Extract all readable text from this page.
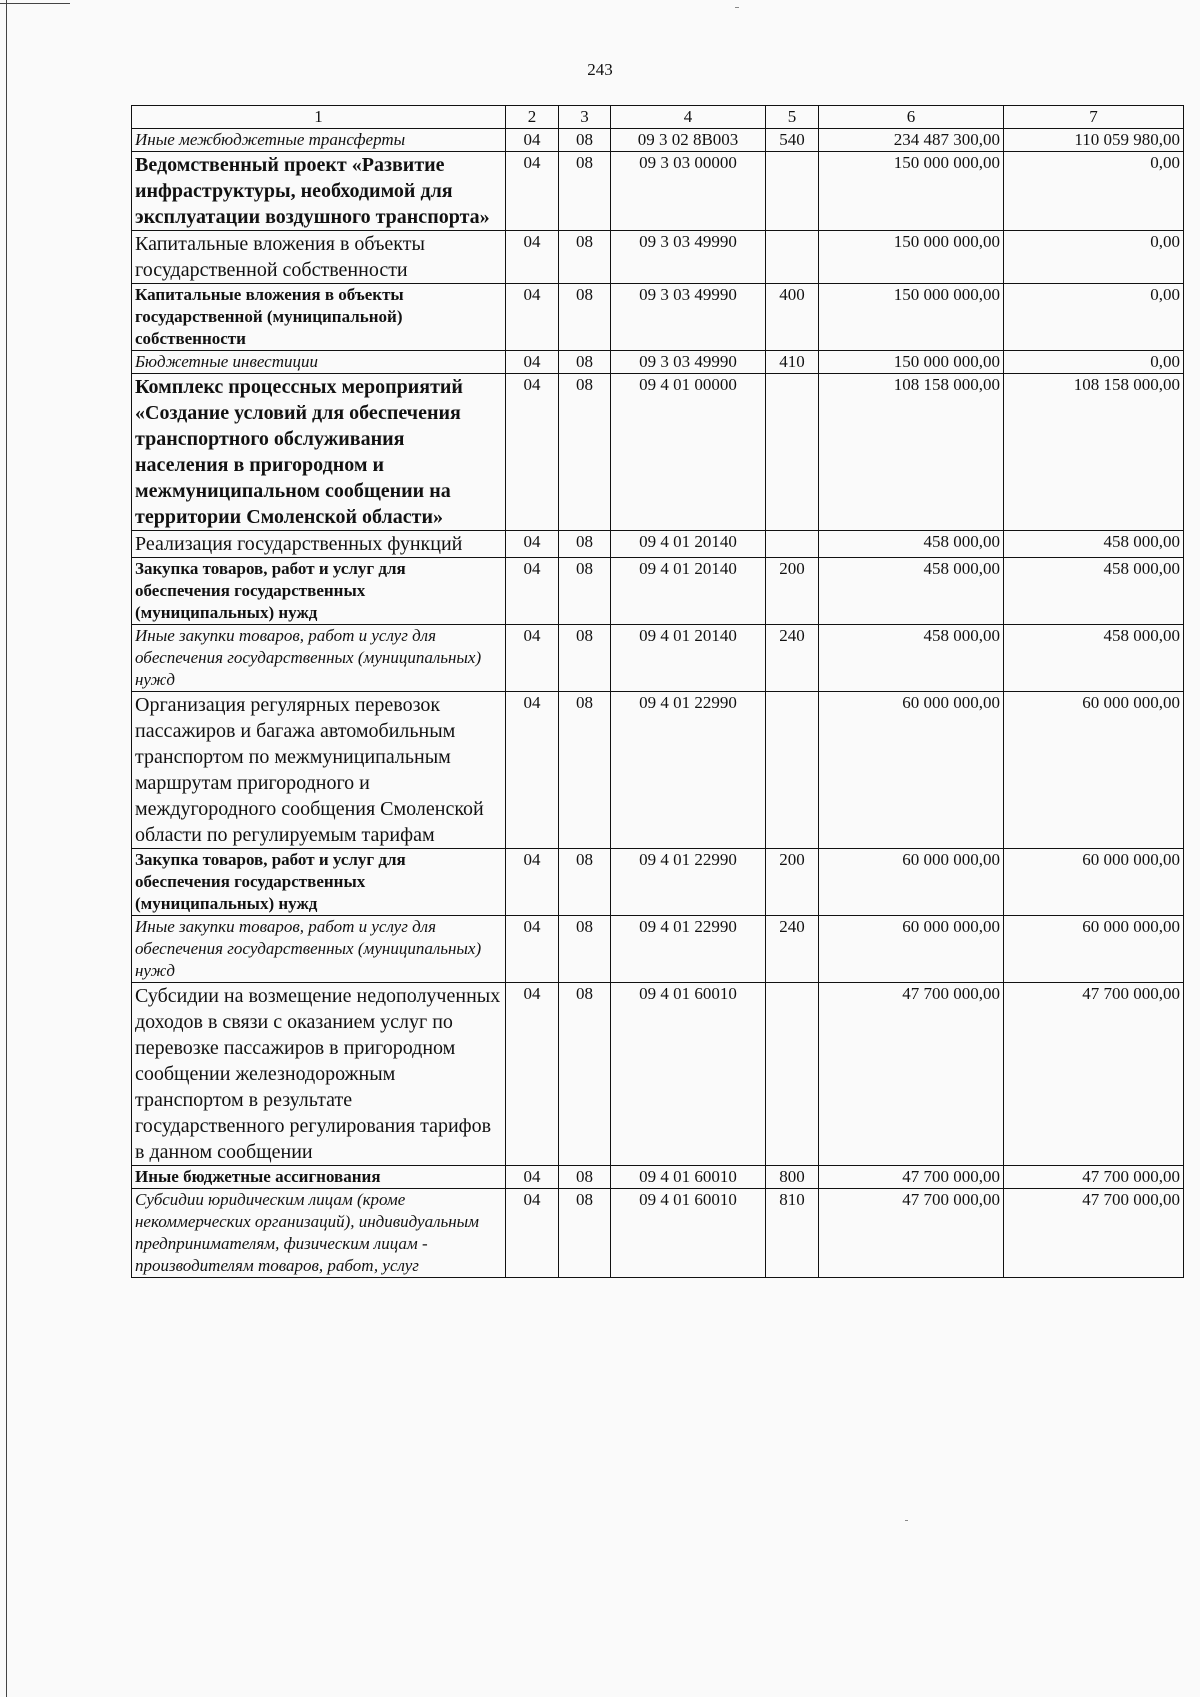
243
1	2	3	4	5	6	7
Иные межбюджетные трансферты	04	08	09 3 02 8В003	540	234 487 300,00	110 059 980,00
Ведомственный проект «Развитие инфраструктуры, необходимой для эксплуатации воздушного транспорта»	04	08	09 3 03 00000		150 000 000,00	0,00
Капитальные вложения в объекты государственной собственности	04	08	09 3 03 49990		150 000 000,00	0,00
Капитальные вложения в объекты государственной (муниципальной) собственности	04	08	09 3 03 49990	400	150 000 000,00	0,00
Бюджетные инвестиции	04	08	09 3 03 49990	410	150 000 000,00	0,00
Комплекс процессных мероприятий «Создание условий для обеспечения транспортного обслуживания населения в пригородном и межмуниципальном сообщении на территории Смоленской области»	04	08	09 4 01 00000		108 158 000,00	108 158 000,00
Реализация государственных функций	04	08	09 4 01 20140		458 000,00	458 000,00
Закупка товаров, работ и услуг для обеспечения государственных (муниципальных) нужд	04	08	09 4 01 20140	200	458 000,00	458 000,00
Иные закупки товаров, работ и услуг для обеспечения государственных (муниципальных) нужд	04	08	09 4 01 20140	240	458 000,00	458 000,00
Организация регулярных перевозок пассажиров и багажа автомобильным транспортом по межмуниципальным маршрутам пригородного и междугородного сообщения Смоленской области по регулируемым тарифам	04	08	09 4 01 22990		60 000 000,00	60 000 000,00
Закупка товаров, работ и услуг для обеспечения государственных (муниципальных) нужд	04	08	09 4 01 22990	200	60 000 000,00	60 000 000,00
Иные закупки товаров, работ и услуг для обеспечения государственных (муниципальных) нужд	04	08	09 4 01 22990	240	60 000 000,00	60 000 000,00
Субсидии на возмещение недополученных доходов в связи с оказанием услуг по перевозке пассажиров в пригородном сообщении железнодорожным транспортом в результате государственного регулирования тарифов в данном сообщении	04	08	09 4 01 60010		47 700 000,00	47 700 000,00
Иные бюджетные ассигнования	04	08	09 4 01 60010	800	47 700 000,00	47 700 000,00
Субсидии юридическим лицам (кроме некоммерческих организаций), индивидуальным предпринимателям, физическим лицам - производителям товаров, работ, услуг	04	08	09 4 01 60010	810	47 700 000,00	47 700 000,00
